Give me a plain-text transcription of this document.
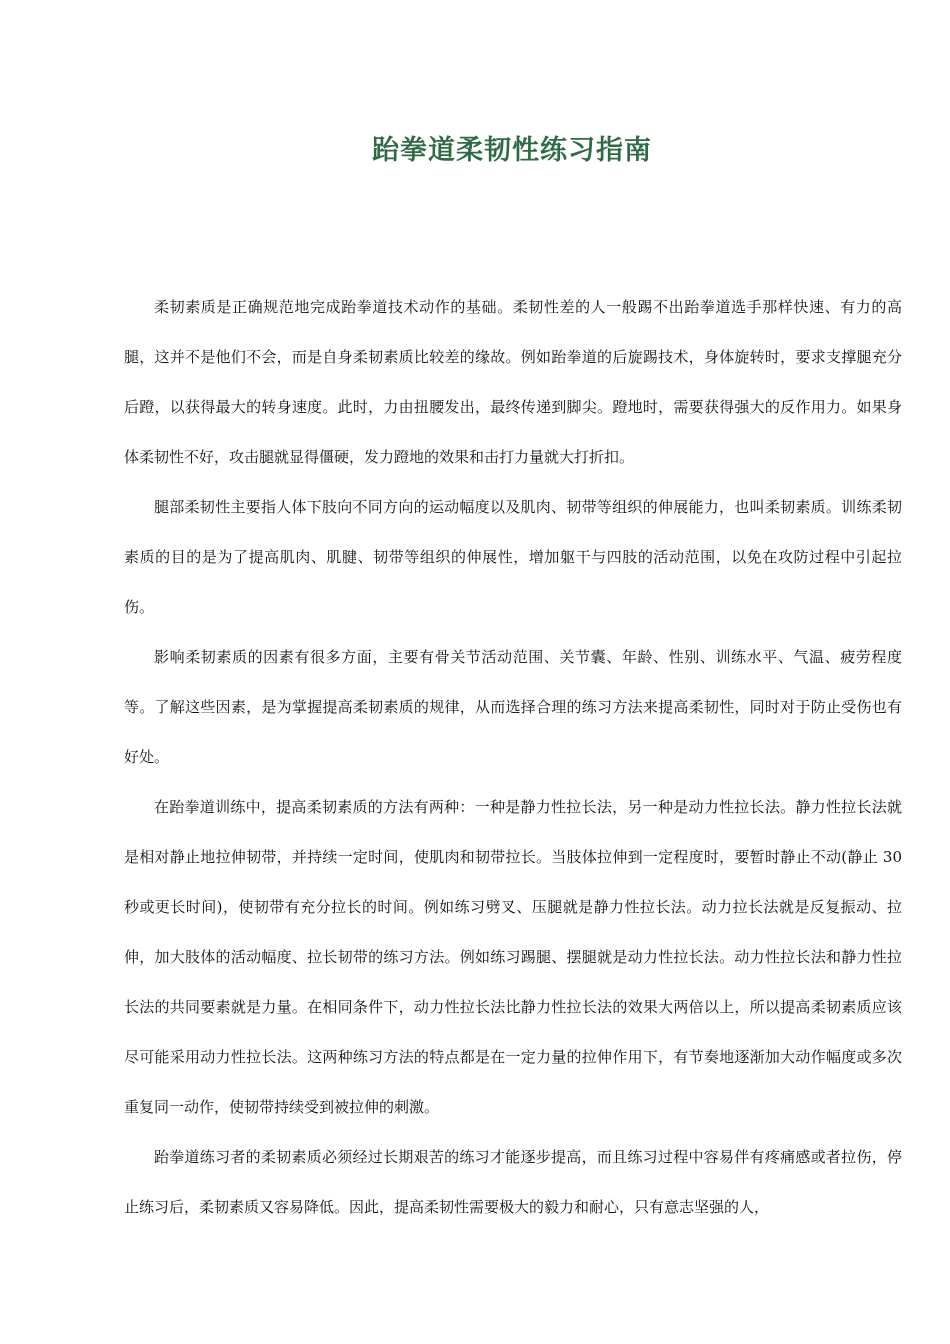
跆拳道柔韧性练习指南

柔韧素质是正确规范地完成跆拳道技术动作的基础。柔韧性差的人一般踢不出跆拳道选手那样快速、有力的高腿，这并不是他们不会，而是自身柔韧素质比较差的缘故。例如跆拳道的后旋踢技术，身体旋转时，要求支撑腿充分后蹬，以获得最大的转身速度。此时，力由扭腰发出，最终传递到脚尖。蹬地时，需要获得强大的反作用力。如果身体柔韧性不好，攻击腿就显得僵硬，发力蹬地的效果和击打力量就大打折扣。

腿部柔韧性主要指人体下肢向不同方向的运动幅度以及肌肉、韧带等组织的伸展能力，也叫柔韧素质。训练柔韧素质的目的是为了提高肌肉、肌腱、韧带等组织的伸展性，增加躯干与四肢的活动范围，以免在攻防过程中引起拉伤。

影响柔韧素质的因素有很多方面，主要有骨关节活动范围、关节囊、年龄、性别、训练水平、气温、疲劳程度等。了解这些因素，是为掌握提高柔韧素质的规律，从而选择合理的练习方法来提高柔韧性，同时对于防止受伤也有好处。

在跆拳道训练中，提高柔韧素质的方法有两种：一种是静力性拉长法，另一种是动力性拉长法。静力性拉长法就是相对静止地拉伸韧带，并持续一定时间，使肌肉和韧带拉长。当肢体拉伸到一定程度时，要暂时静止不动(静止 30 秒或更长时间)，使韧带有充分拉长的时间。例如练习劈叉、压腿就是静力性拉长法。动力拉长法就是反复振动、拉伸，加大肢体的活动幅度、拉长韧带的练习方法。例如练习踢腿、摆腿就是动力性拉长法。动力性拉长法和静力性拉长法的共同要素就是力量。在相同条件下，动力性拉长法比静力性拉长法的效果大两倍以上，所以提高柔韧素质应该尽可能采用动力性拉长法。这两种练习方法的特点都是在一定力量的拉伸作用下，有节奏地逐渐加大动作幅度或多次重复同一动作，使韧带持续受到被拉伸的刺激。

跆拳道练习者的柔韧素质必须经过长期艰苦的练习才能逐步提高，而且练习过程中容易伴有疼痛感或者拉伤，停止练习后，柔韧素质又容易降低。因此，提高柔韧性需要极大的毅力和耐心，只有意志坚强的人，
